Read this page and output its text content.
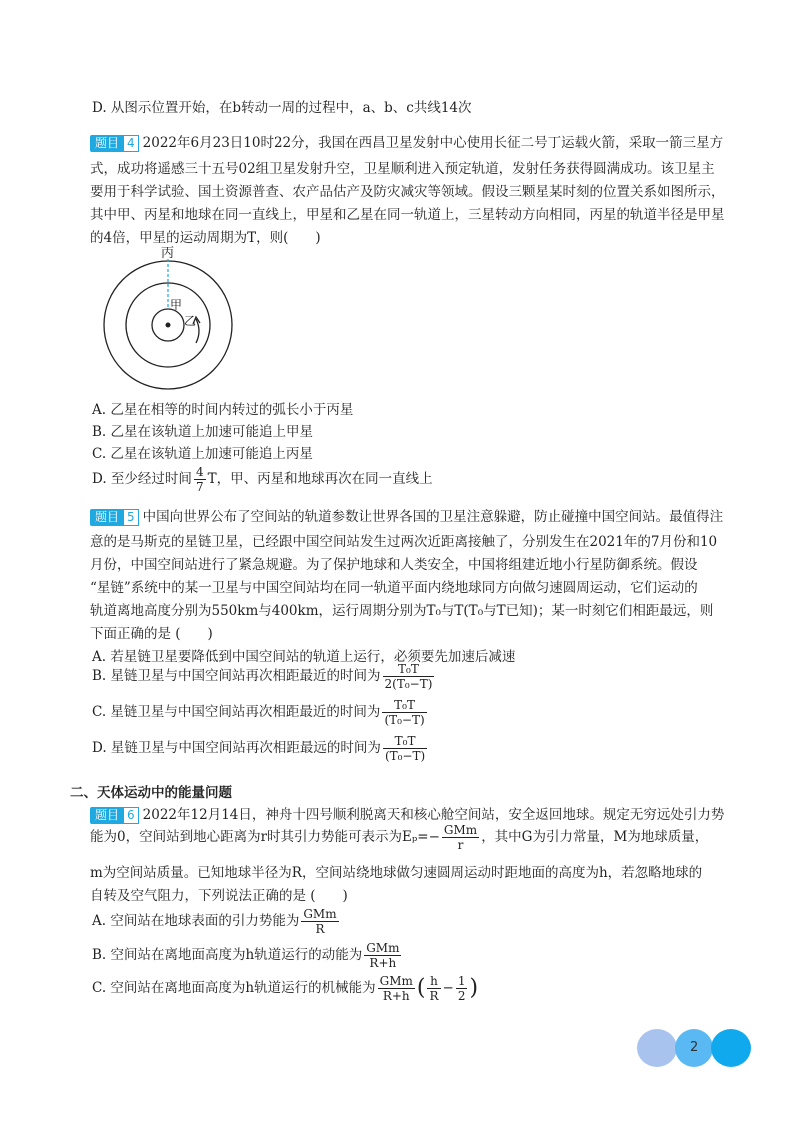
D. 从图示位置开始，在b转动一周的过程中，a、b、c共线14次
题目 4 2022年6月23日10时22分，我国在西昌卫星发射中心使用长征二号丁运载火箭，采取一箭三星方
式，成功将遥感三十五号02组卫星发射升空，卫星顺利进入预定轨道，发射任务获得圆满成功。该卫星主
要用于科学试验、国土资源普查、农产品估产及防灾减灾等领域。假设三颗星某时刻的位置关系如图所示，
其中甲、丙星和地球在同一直线上，甲星和乙星在同一轨道上，三星转动方向相同，丙星的轨道半径是甲星
的4倍，甲星的运动周期为T，则(　　)
丙
甲
乙
A. 乙星在相等的时间内转过的弧长小于丙星
B. 乙星在该轨道上加速可能追上甲星
C. 乙星在该轨道上加速可能追上丙星
D. 至少经过时间 $\frac{4}{7}$ T，甲、丙星和地球再次在同一直线上
题目 5 中国向世界公布了空间站的轨道参数让世界各国的卫星注意躲避，防止碰撞中国空间站。最值得注
意的是马斯克的星链卫星，已经跟中国空间站发生过两次近距离接触了，分别发生在2021年的7月份和10
月份，中国空间站进行了紧急规避。为了保护地球和人类安全，中国将组建近地小行星防御系统。假设
“星链”系统中的某一卫星与中国空间站均在同一轨道平面内绕地球同方向做匀速圆周运动，它们运动的
轨道离地高度分别为550km与400km，运行周期分别为T₀与T(T₀与T已知)；某一时刻它们相距最远，则
下面正确的是 (　　)
A. 若星链卫星要降低到中国空间站的轨道上运行，必须要先加速后减速
B. 星链卫星与中国空间站再次相距最近的时间为 $\frac{\text{T₀T}}{\text{2(T₀−T)}}$
C. 星链卫星与中国空间站再次相距最近的时间为 $\frac{\text{T₀T}}{\text{(T₀−T)}}$
D. 星链卫星与中国空间站再次相距最远的时间为 $\frac{\text{T₀T}}{\text{(T₀−T)}}$
二、天体运动中的能量问题
题目 6 2022年12月14日，神舟十四号顺利脱离天和核心舱空间站，安全返回地球。规定无穷远处引力势
能为0，空间站到地心距离为r时其引力势能可表示为$E_p=- \frac{\text{GMm}}{r}$ ，其中G为引力常量，M为地球质量，
m为空间站质量。已知地球半径为R，空间站绕地球做匀速圆周运动时距地面的高度为h，若忽略地球的
自转及空气阻力，下列说法正确的是 (　　)
A. 空间站在地球表面的引力势能为 $\frac{\text{GMm}}{R}$
B. 空间站在离地面高度为h轨道运行的动能为 $\frac{\text{GMm}}{R+h}$
C. 空间站在离地面高度为h轨道运行的机械能为 $\frac{\text{GMm}}{R+h}$ ( $\frac{h}{R} - \frac{1}{2}$ )
2
